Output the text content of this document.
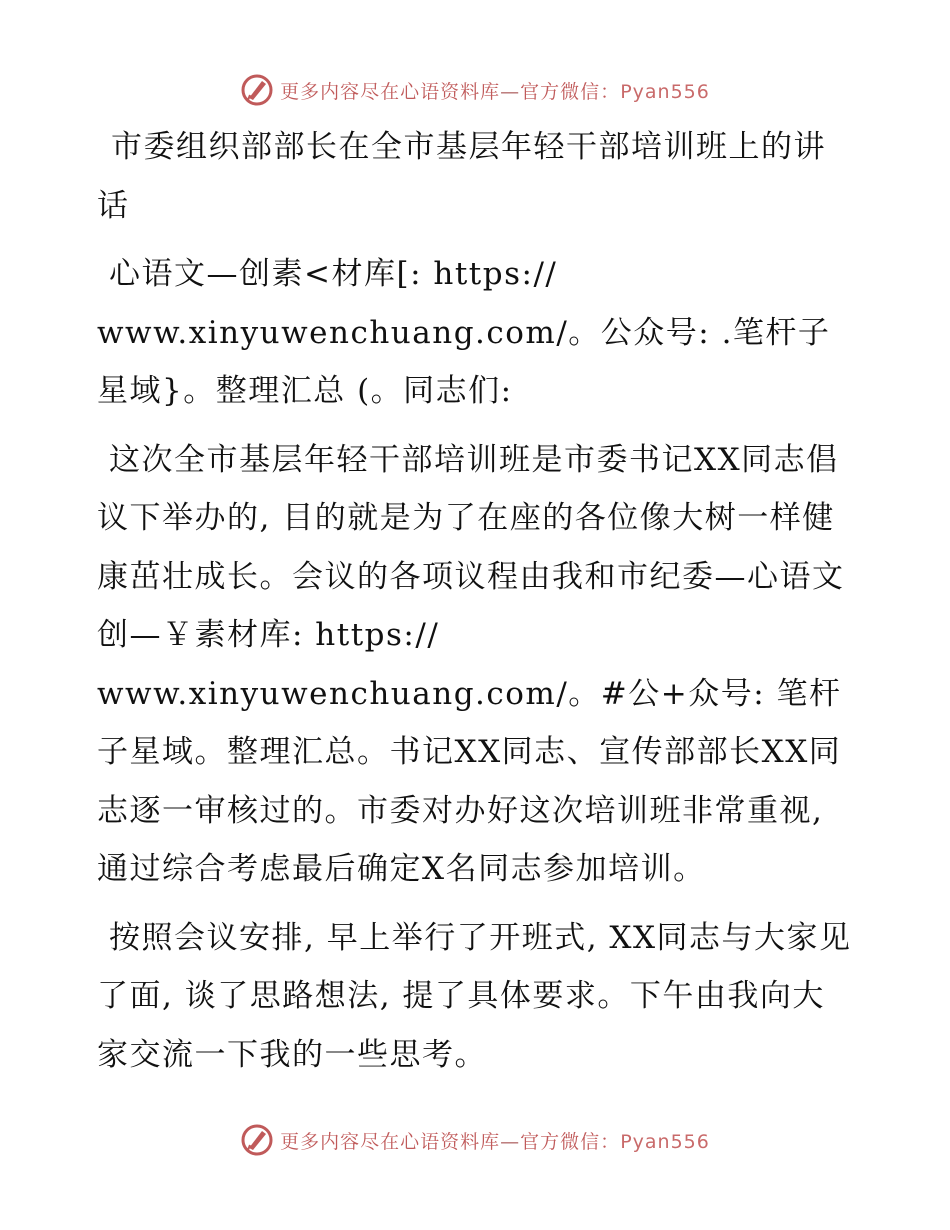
更多内容尽在心语资料库—官方微信：Pyan556

市委组织部部长在全市基层年轻干部培训班上的讲话

心语文—创素<材库[: https://
www.xinyuwenchuang.com/。公众号: .笔杆子星域}。整理汇总 (。同志们:

这次全市基层年轻干部培训班是市委书记XX同志倡议下举办的, 目的就是为了在座的各位像大树一样健康茁壮成长。会议的各项议程由我和市纪委—心语文创—￥素材库: https://
www.xinyuwenchuang.com/。#公+众号: 笔杆子星域。整理汇总。书记XX同志、宣传部部长XX同志逐一审核过的。市委对办好这次培训班非常重视, 通过综合考虑最后确定X名同志参加培训。

按照会议安排, 早上举行了开班式, XX同志与大家见了面, 谈了思路想法, 提了具体要求。下午由我向大家交流一下我的一些思考。

更多内容尽在心语资料库—官方微信：Pyan556
